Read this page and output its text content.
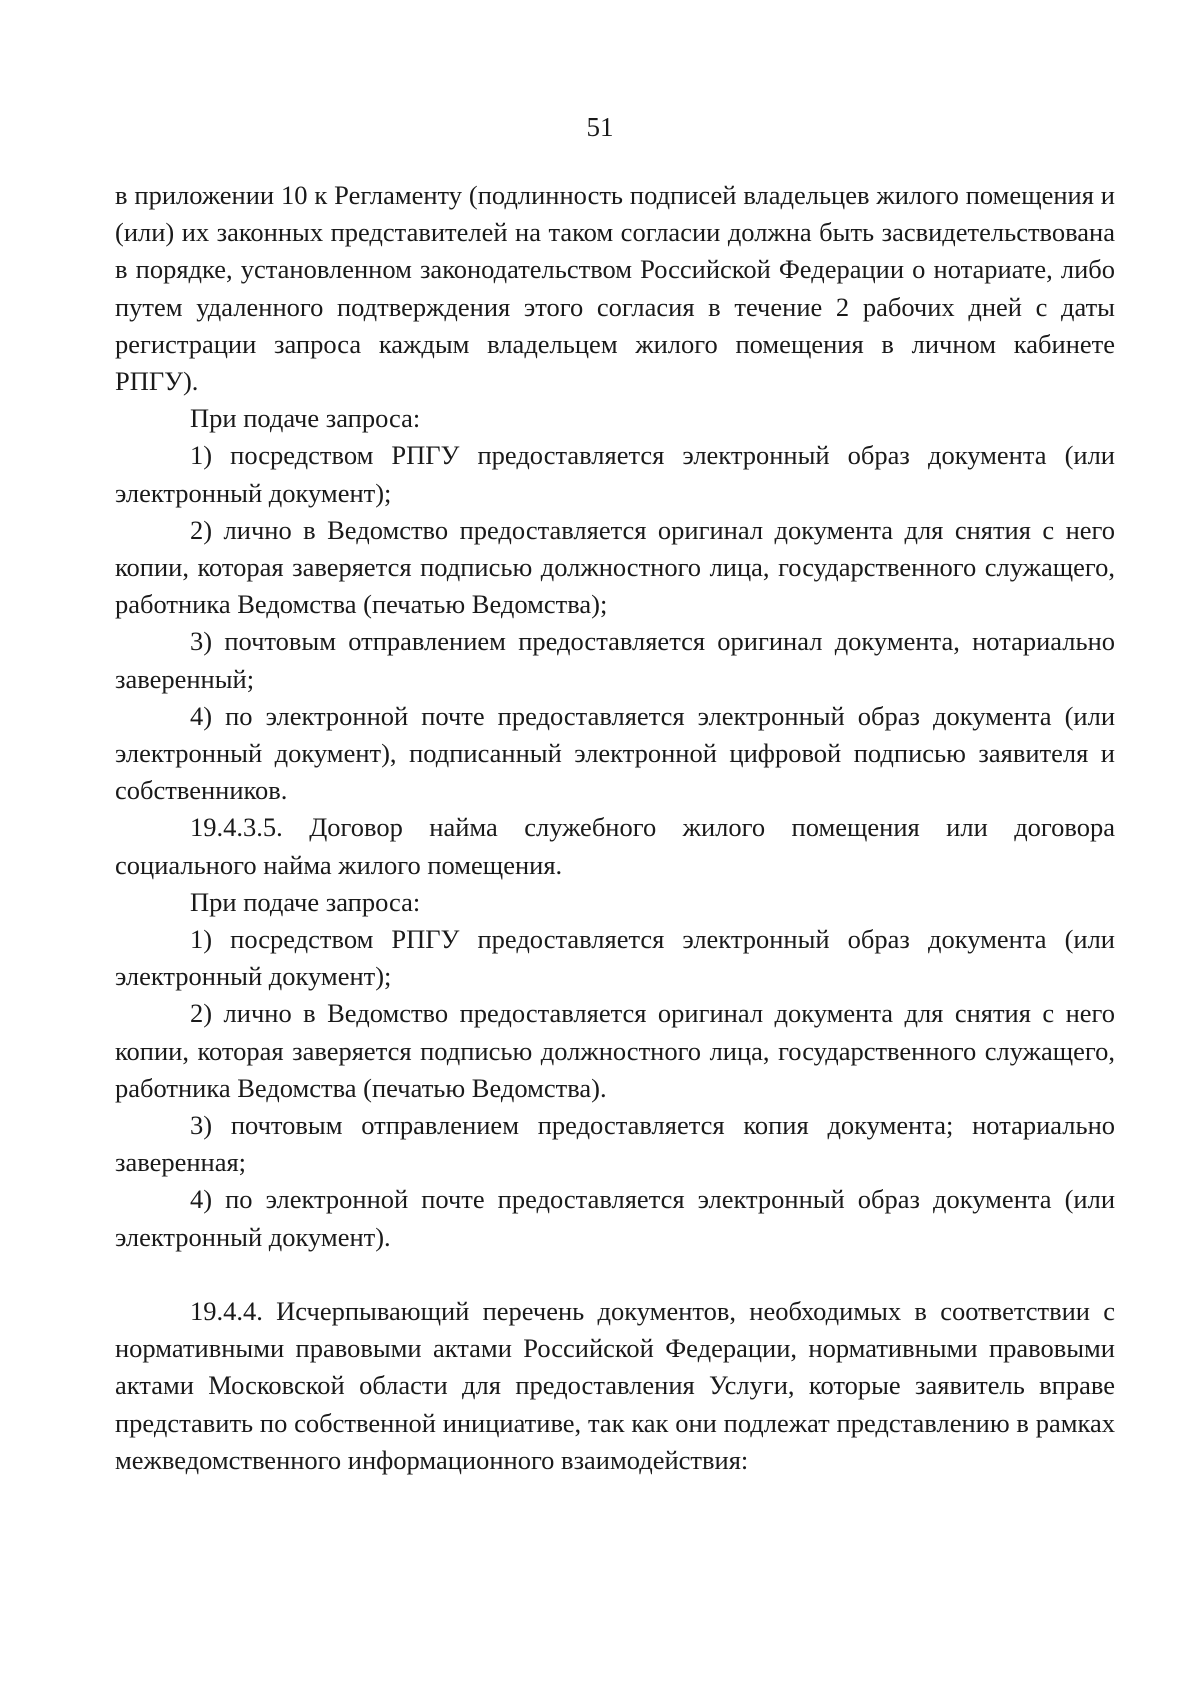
51

в приложении 10 к Регламенту (подлинность подписей владельцев жилого помещения и (или) их законных представителей на таком согласии должна быть засвидетельствована в порядке, установленном законодательством Российской Федерации о нотариате, либо путем удаленного подтверждения этого согласия в течение 2 рабочих дней с даты регистрации запроса каждым владельцем жилого помещения в личном кабинете РПГУ).

При подаче запроса:

1) посредством РПГУ предоставляется электронный образ документа (или электронный документ);

2) лично в Ведомство предоставляется оригинал документа для снятия с него копии, которая заверяется подписью должностного лица, государственного служащего, работника Ведомства (печатью Ведомства);

3) почтовым отправлением предоставляется оригинал документа, нотариально заверенный;

4) по электронной почте предоставляется электронный образ документа (или электронный документ), подписанный электронной цифровой подписью заявителя и собственников.

19.4.3.5. Договор найма служебного жилого помещения или договора социального найма жилого помещения.

При подаче запроса:

1) посредством РПГУ предоставляется электронный образ документа (или электронный документ);

2) лично в Ведомство предоставляется оригинал документа для снятия с него копии, которая заверяется подписью должностного лица, государственного служащего, работника Ведомства (печатью Ведомства).

3) почтовым отправлением предоставляется копия документа; нотариально заверенная;

4) по электронной почте предоставляется электронный образ документа (или электронный документ).

19.4.4. Исчерпывающий перечень документов, необходимых в соответствии с нормативными правовыми актами Российской Федерации, нормативными правовыми актами Московской области для предоставления Услуги, которые заявитель вправе представить по собственной инициативе, так как они подлежат представлению в рамках межведомственного информационного взаимодействия:
